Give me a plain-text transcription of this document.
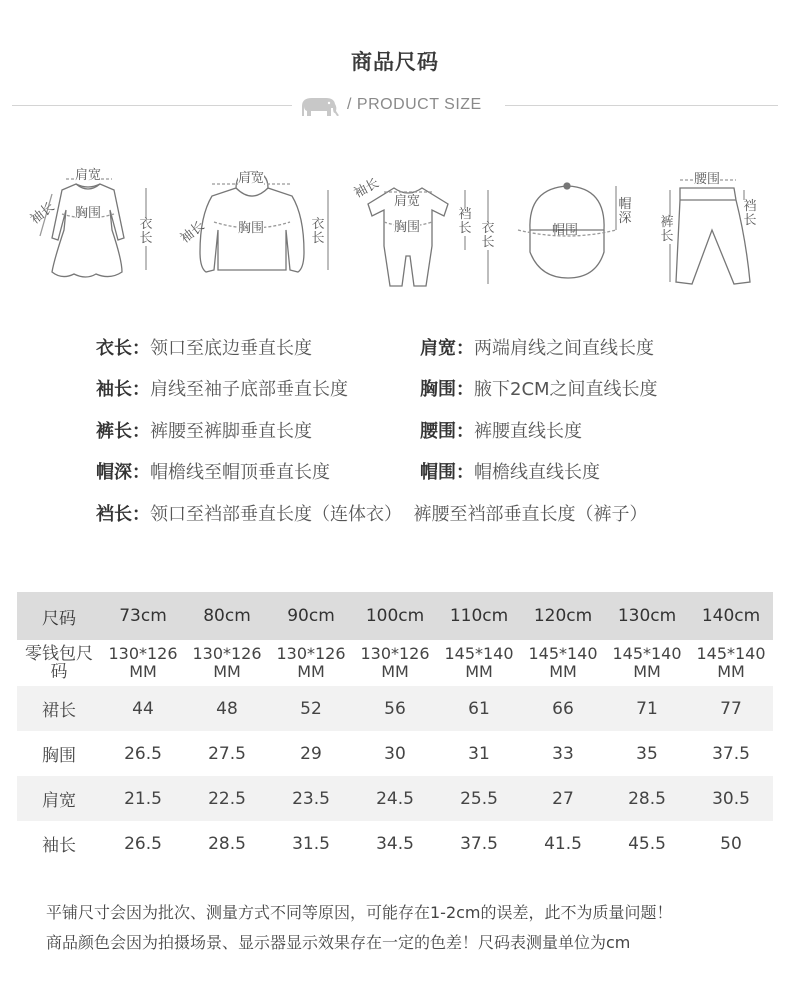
商品尺码
/ PRODUCT SIZE
肩宽
胸围
袖长	衣长
肩宽
胸围
袖长	衣长
袖长
肩宽
胸围
裆长 衣长
帽围
帽深
腰围
裤长
裆长
衣长：领口至底边垂直长度	肩宽：两端肩线之间直线长度
袖长：肩线至袖子底部垂直长度	胸围：腋下2CM之间直线长度
裤长：裤腰至裤脚垂直长度	腰围：裤腰直线长度
帽深：帽檐线至帽顶垂直长度	帽围：帽檐线直线长度
裆长：领口至裆部垂直长度（连体衣）  裤腰至裆部垂直长度（裤子）
尺码	73cm	80cm	90cm	100cm	110cm	120cm	130cm	140cm
零钱包尺码	130*126 MM	130*126 MM	130*126 MM	130*126 MM	145*140 MM	145*140 MM	145*140 MM	145*140 MM
裙长	44	48	52	56	61	66	71	77
胸围	26.5	27.5	29	30	31	33	35	37.5
肩宽	21.5	22.5	23.5	24.5	25.5	27	28.5	30.5
袖长	26.5	28.5	31.5	34.5	37.5	41.5	45.5	50
平铺尺寸会因为批次、测量方式不同等原因，可能存在1-2cm的误差，此不为质量问题！
商品颜色会因为拍摄场景、显示器显示效果存在一定的色差！尺码表测量单位为cm
